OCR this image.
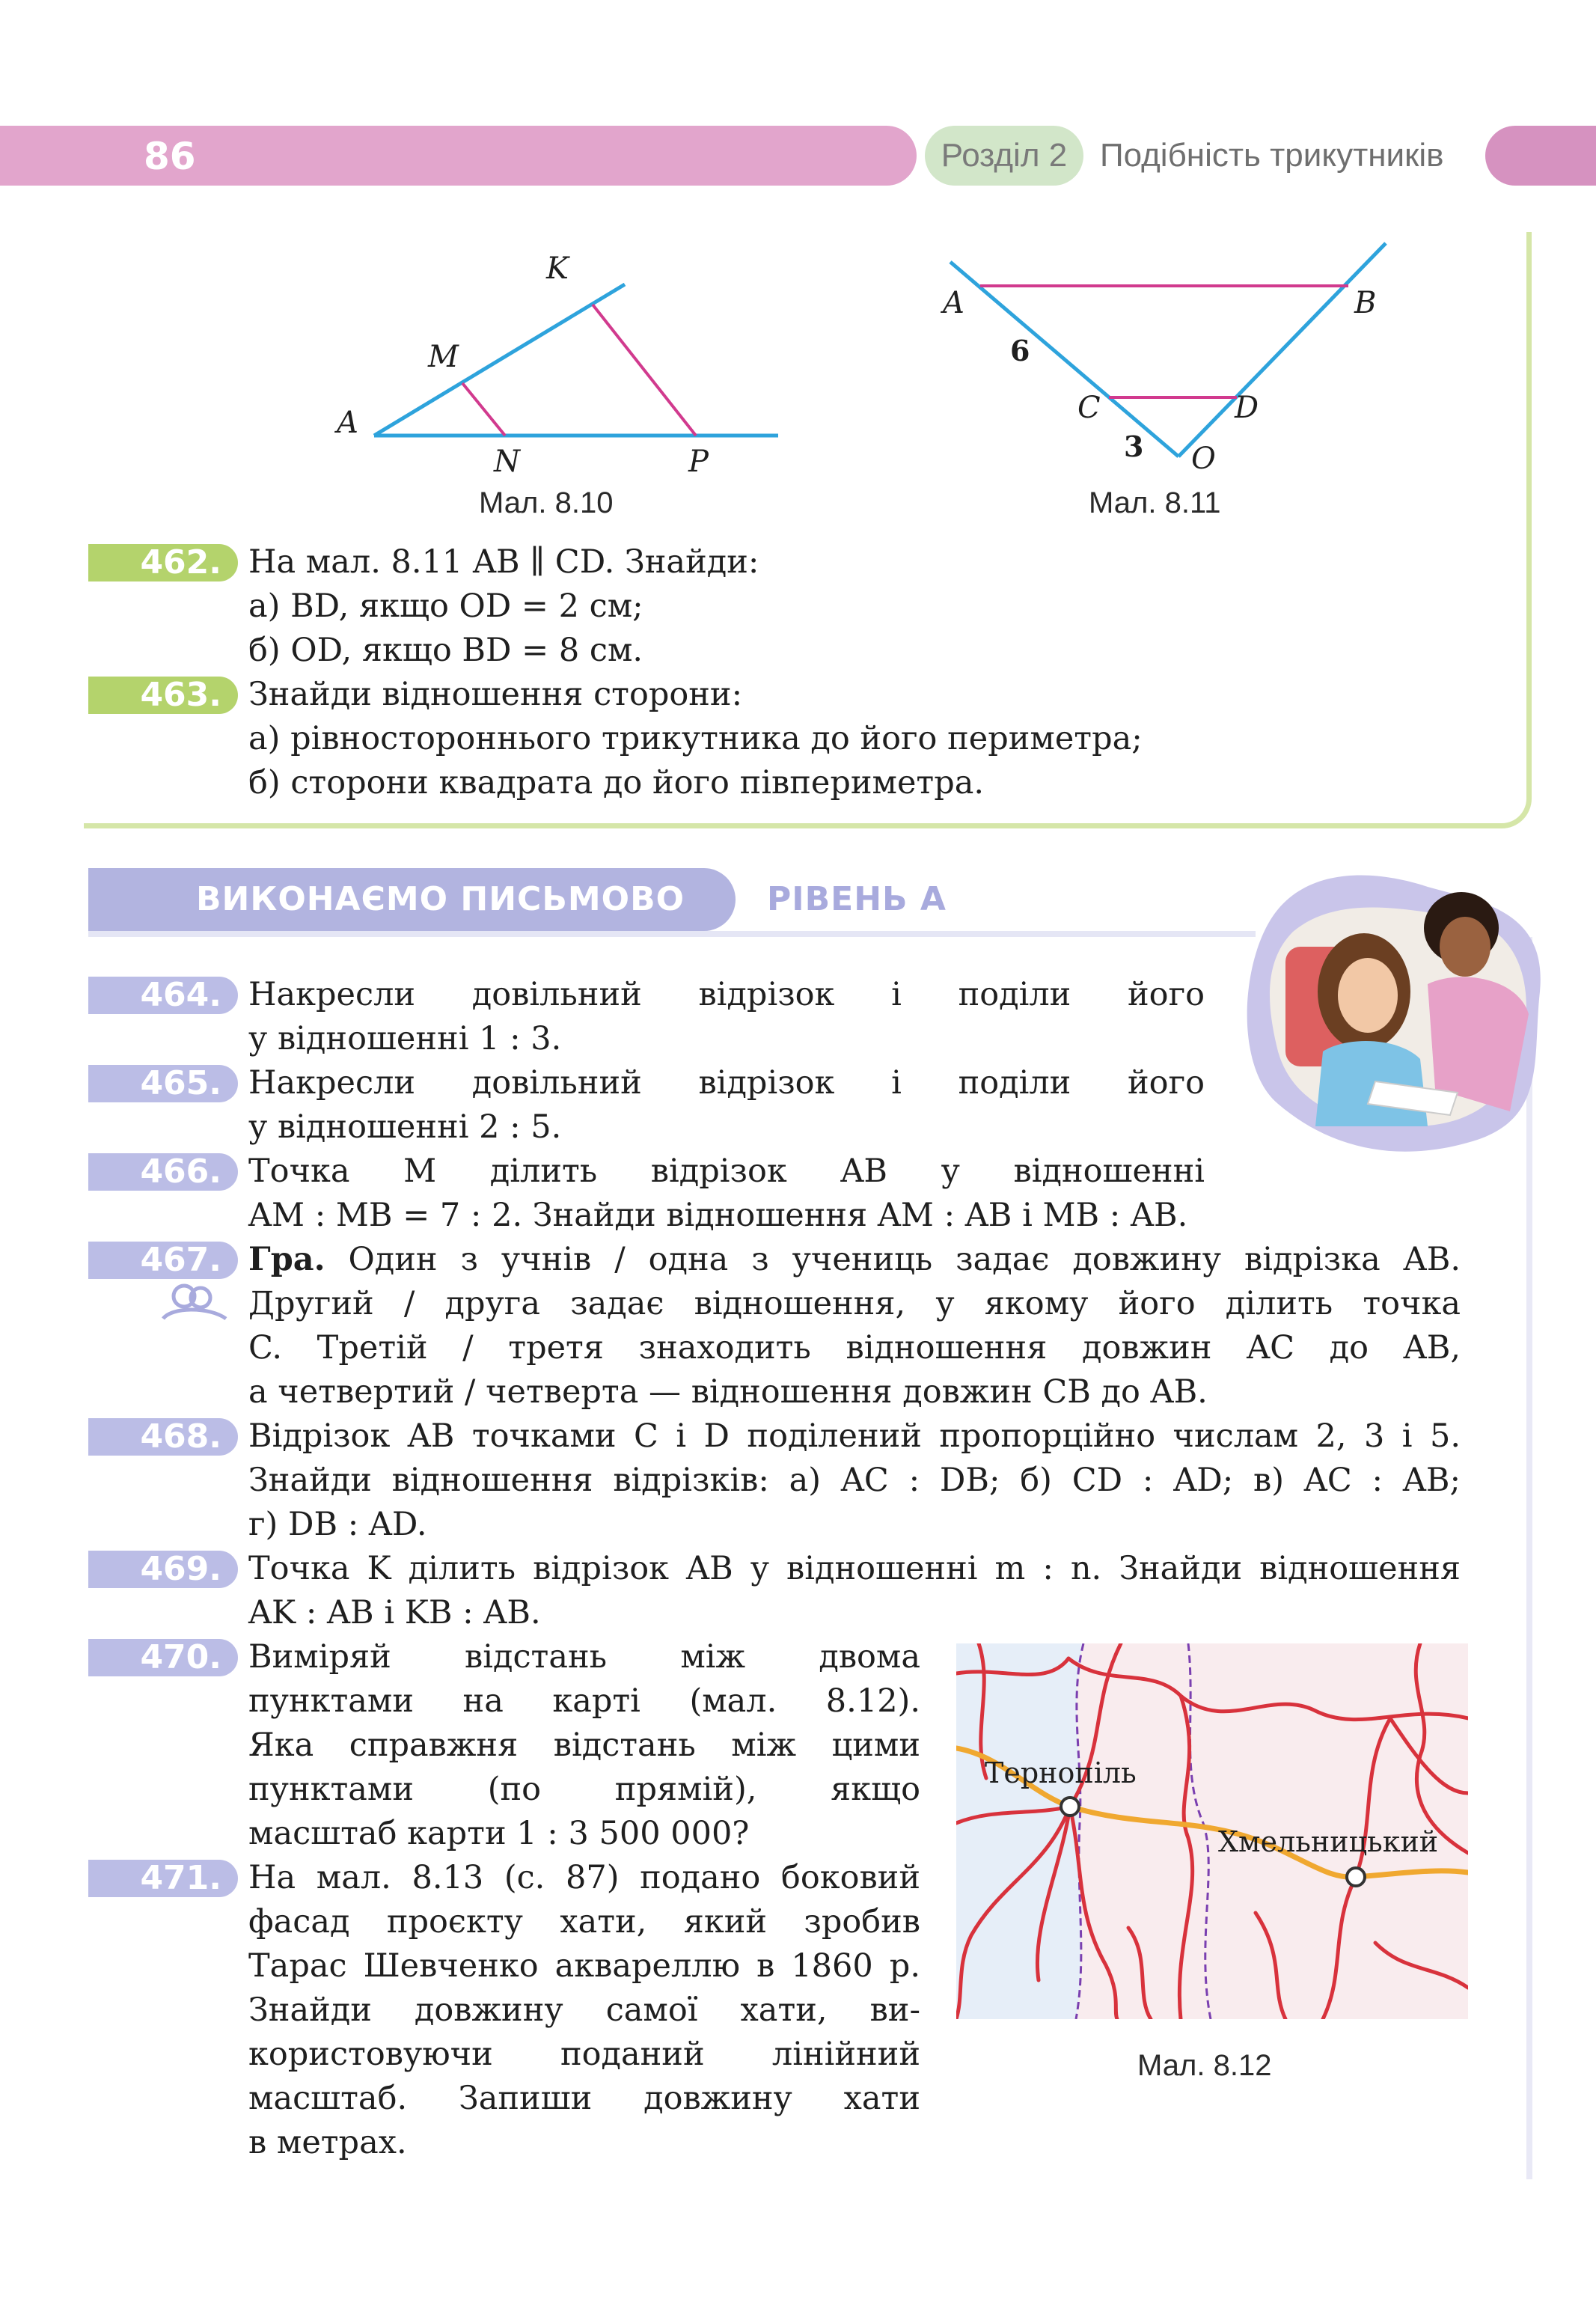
86	Розділ 2 Подібність трикутників
K
M
A
N	P
Мал. 8.10
A	B
C	D
O
6
3
Мал. 8.11
462. На мал. 8.11 AB ∥ CD. Знайди:
а) BD, якщо OD = 2 см;
б) OD, якщо BD = 8 см.
463. Знайди відношення сторони:
а) рівностороннього трикутника до його периметра;
б) сторони квадрата до його півпериметра.
ВИКОНАЄМО ПИСЬМОВО РІВЕНЬ А
464. Накресли довільний відрізок і поділи його
у відношенні 1 : 3.
465. Накресли довільний відрізок і поділи його
у відношенні 2 : 5.
466. Точка M ділить відрізок AB у відношенні
AM : MB = 7 : 2. Знайди відношення AM : AB і MB : AB.
467. Гра. Один з учнів / одна з учениць задає довжину відрізка AB.
Другий / друга задає відношення, у якому його ділить точка
C. Третій / третя знаходить відношення довжин AC до AB,
а четвертий / четверта — відношення довжин CB до AB.
468. Відрізок AB точками C і D поділений пропорційно числам 2, 3 і 5.
Знайди відношення відрізків: а) AC : DB; б) CD : AD; в) AC : AB;
г) DB : AD.
469. Точка K ділить відрізок AB у відношенні m : n. Знайди відношення
AK : AB і KB : AB.
470. Виміряй відстань між двома
пунктами на карті (мал. 8.12).
Яка справжня відстань між цими
пунктами (по прямій), якщо
масштаб карти 1 : 3 500 000?
471. На мал. 8.13 (с. 87) подано боковий
фасад проєкту хати, який зробив
Тарас Шевченко аквареллю в 1860 р.
Знайди довжину самої хати, ви-
користовуючи поданий лінійний
масштаб. Запиши довжину хати
в метрах.
Тернопіль
Хмельницький
Мал. 8.12
